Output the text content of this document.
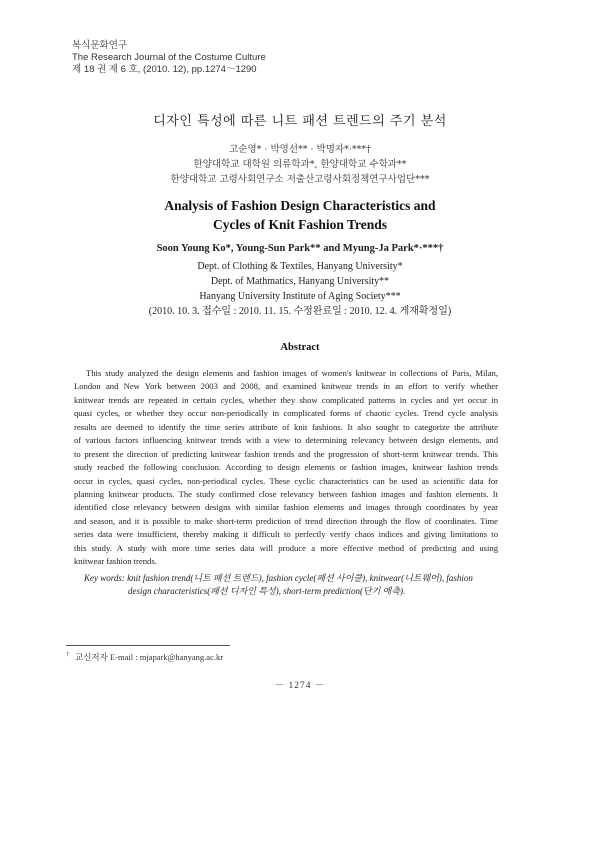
복식문화연구
The Research Journal of the Costume Culture
제 18 권 제 6 호, (2010. 12), pp.1274～1290
디자인 특성에 따른 니트 패션 트렌드의 주기 분석
고순영* · 박영선** · 박명자*·***†
한양대학교 대학원 의류학과*, 한양대학교 수학과**
한양대학교 고령사회연구소 저출산고령사회정책연구사업단***
Analysis of Fashion Design Characteristics and
Cycles of Knit Fashion Trends
Soon Young Ko*, Young-Sun Park** and Myung-Ja Park*·***†
Dept. of Clothing & Textiles, Hanyang University*
Dept. of Mathmatics, Hanyang University**
Hanyang University Institute of Aging Society***
(2010. 10. 3. 접수일 : 2010. 11. 15. 수정완료일 : 2010. 12. 4. 게재확정일)
Abstract
This study analyzed the design elements and fashion images of women's knitwear in collections of Paris, Milan,
London and New York between 2003 and 2008, and examined knitwear trends in an effort to verify whether
knitwear trends are repeated in certain cycles, whether they show complicated patterns in cycles and yet occur in
quasi cycles, or whether they occur non-periodically in complicated forms of chaotic cycles. Trend cycle analysis
results are deemed to identify the time series attribute of knit fashions. It also sought to categorize the attribute
of various factors influencing knitwear trends with a view to determining relevancy between design elements, and
to present the direction of predicting knitwear fashion trends and the progression of short-term knitwear trends. This
study reached the following conclusion. According to design elements or fashion images, knitwear fashion trends
occur in cycles, quasi cycles, non-periodical cycles. These cyclic characteristics can be used as scientific data for
planning knitwear products. The study confirmed close relevancy between fashion images and fashion elements. It
identified close relevancy between designs with similar fashion elements and images through coordinates by year
and season, and it is possible to make short-term prediction of trend direction through the flow of coordinates. Time
series data were insufficient, thereby making it difficult to perfectly verify chaos indices and giving limitations to
this study. A study with more time series data will produce a more effective method of predicting and using
knitwear fashion trends.
Key words: knit fashion trend(니트 패션 트렌드), fashion cycle(패션 사이클), knitwear(니트웨어), fashion
design characteristics(패션 디자인 특성), short-term prediction(단기 예측).
† 교신저자 E-mail : mjapark@hanyang.ac.kr
－ 1274 －
